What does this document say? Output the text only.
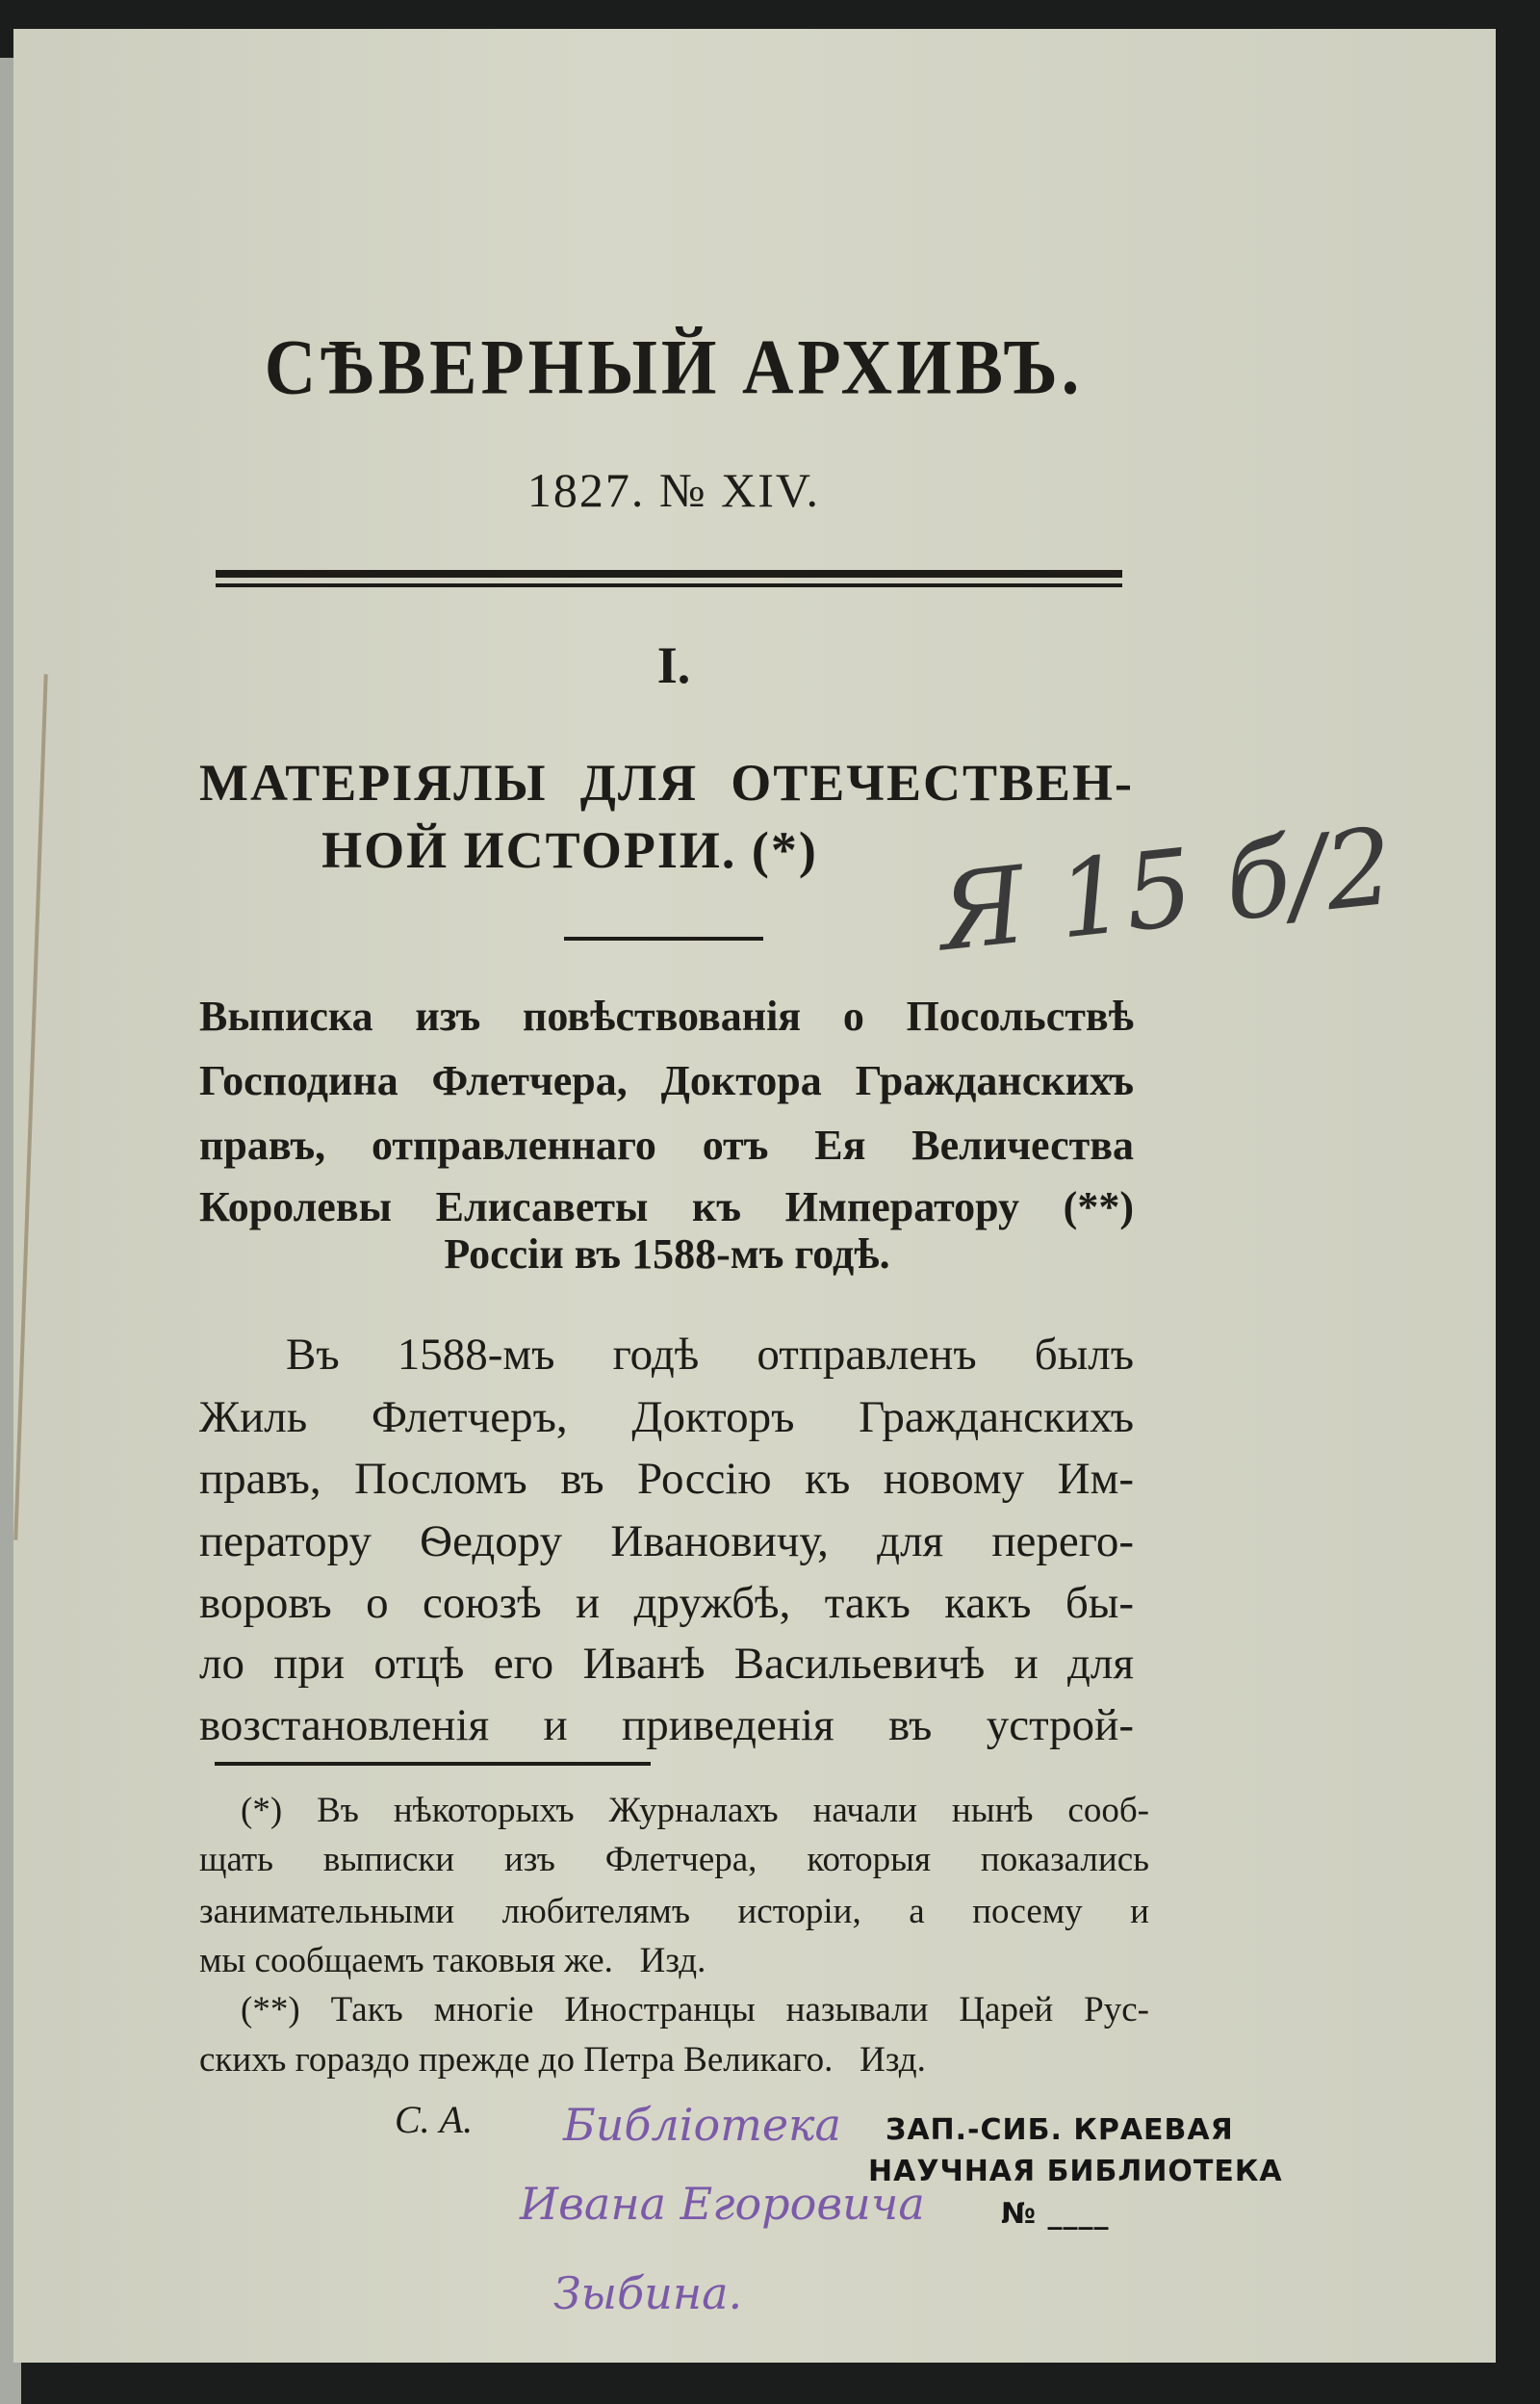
СѢВЕРНЫЙ АРХИВЪ.
1827. № XIV.
I.
МАТЕРІЯЛЫ ДЛЯ ОТЕЧЕСТВЕН-
НОЙ ИСТОРІИ. (*)	Я 15 б/2
Выписка изъ повѣствованія о Посольствѣ
Господина Флетчера, Доктора Гражданскихъ
правъ, отправленнаго отъ Ея Величества
Королевы Елисаветы къ Императору (**)
Россіи въ 1588-мъ годѣ.
Въ 1588-мъ годѣ отправленъ былъ
Жиль Флетчеръ, Докторъ Гражданскихъ
правъ, Посломъ въ Россію къ новому Им-
ператору Ѳедору Ивановичу, для перего-
воровъ о союзѣ и дружбѣ, такъ какъ бы-
ло при отцѣ его Иванѣ Васильевичѣ и для
возстановленія и приведенія въ устрой-
(*) Въ нѣкоторыхъ Журналахъ начали нынѣ сооб-
щать выписки изъ Флетчера, которыя показались
занимательными любителямъ исторіи, а посему и
мы сообщаемъ таковыя же.   Изд.
(**) Такъ многіе Иностранцы называли Царей Рус-
скихъ гораздо прежде до Петра Великаго.   Изд.
С. А. Библіотека
Ивана Егоровича
Зыбина.
ЗАП.-СИБ. КРАЕВАЯ
НАУЧНАЯ БИБЛИОТЕКА
№ ____
